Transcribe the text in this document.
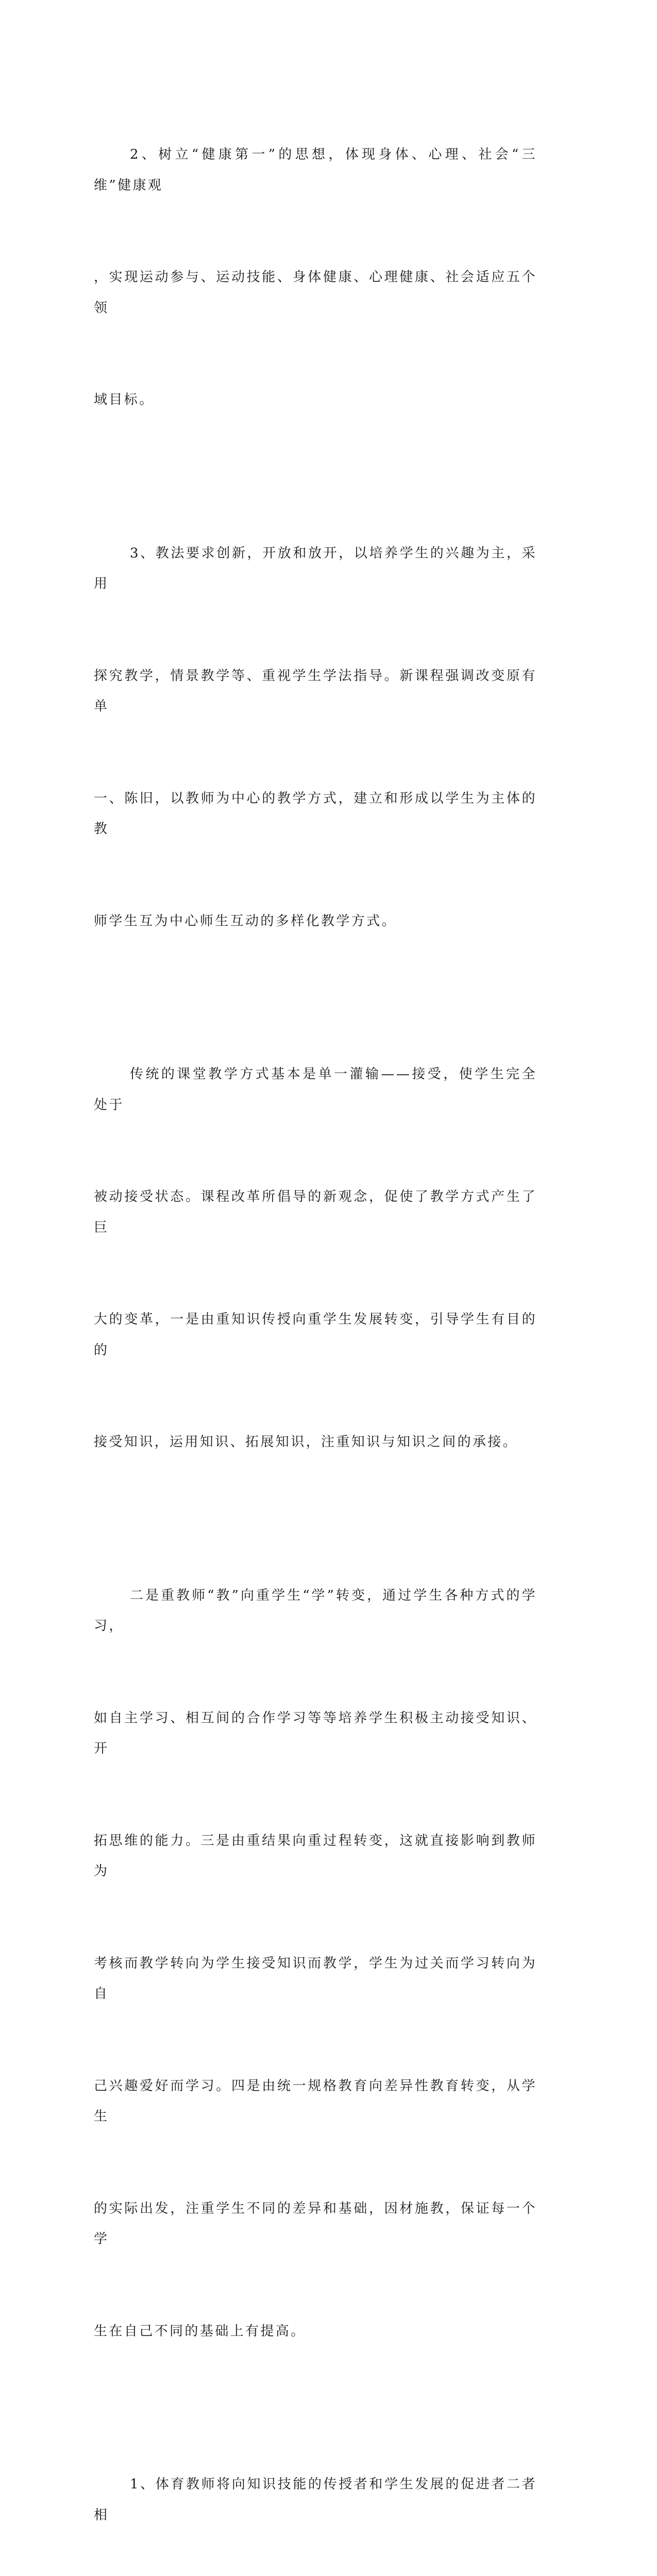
2、树立“健康第一”的思想，体现身体、心理、社会“三维”健康观

，实现运动参与、运动技能、身体健康、心理健康、社会适应五个领

域目标。

3、教法要求创新，开放和放开，以培养学生的兴趣为主，采用

探究教学，情景教学等、重视学生学法指导。新课程强调改变原有单

一、陈旧，以教师为中心的教学方式，建立和形成以学生为主体的教

师学生互为中心师生互动的多样化教学方式。

传统的课堂教学方式基本是单一灌输——接受，使学生完全处于

被动接受状态。课程改革所倡导的新观念，促使了教学方式产生了巨

大的变革，一是由重知识传授向重学生发展转变，引导学生有目的的

接受知识，运用知识、拓展知识，注重知识与知识之间的承接。

二是重教师“教”向重学生“学”转变，通过学生各种方式的学习，

如自主学习、相互间的合作学习等等培养学生积极主动接受知识、开

拓思维的能力。三是由重结果向重过程转变，这就直接影响到教师为

考核而教学转向为学生接受知识而教学，学生为过关而学习转向为自

己兴趣爱好而学习。四是由统一规格教育向差异性教育转变，从学生

的实际出发，注重学生不同的差异和基础，因材施教，保证每一个学

生在自己不同的基础上有提高。

1、体育教师将向知识技能的传授者和学生发展的促进者二者相
